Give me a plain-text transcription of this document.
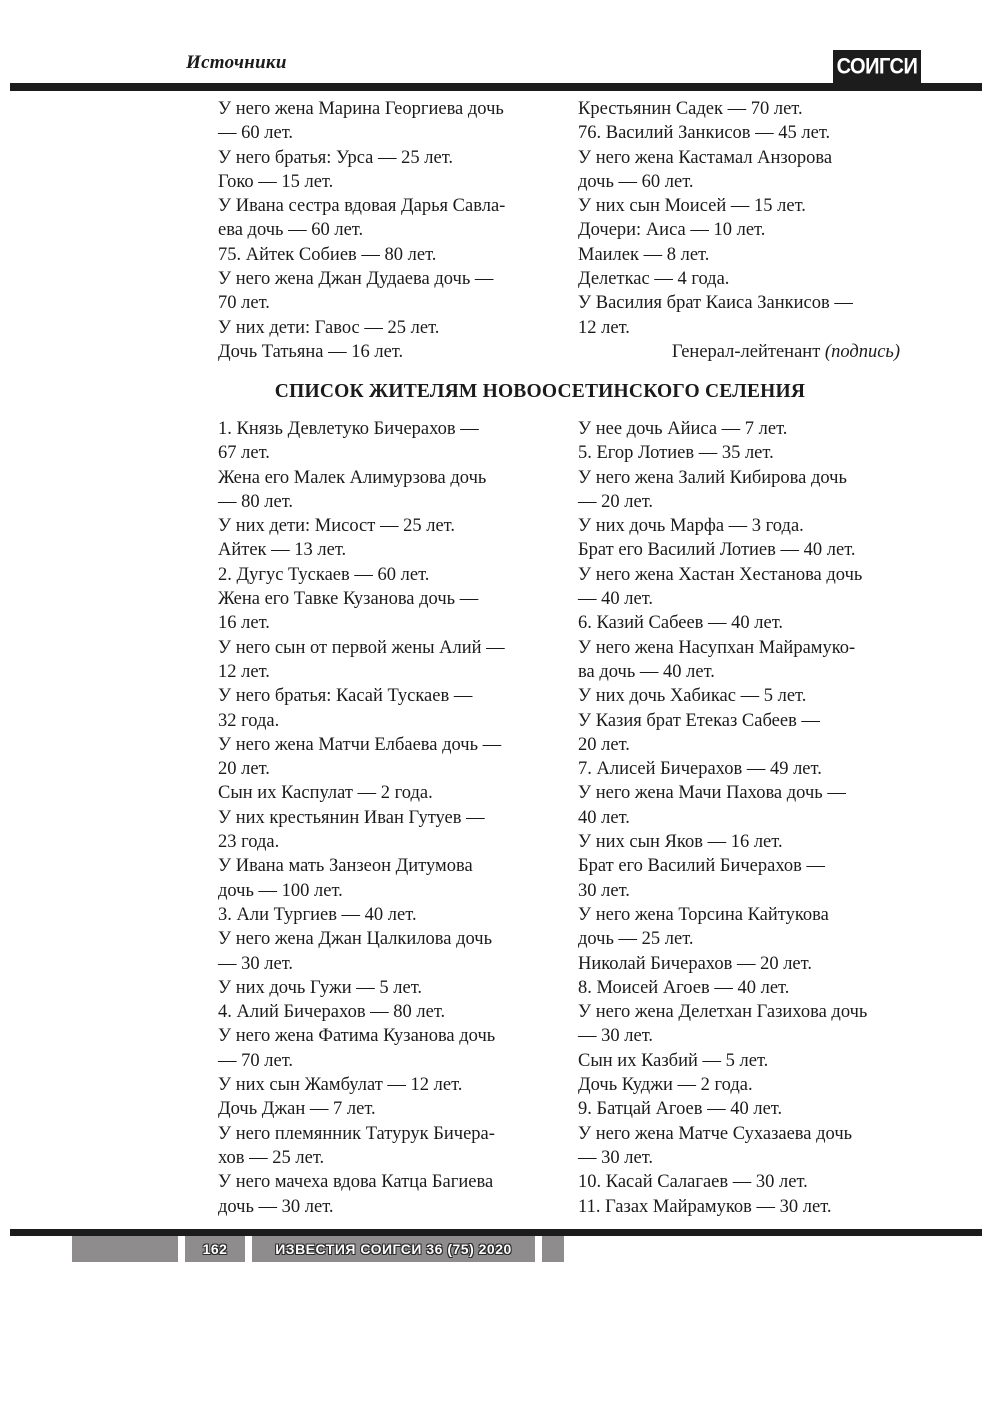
Источники	СОИГСИ
У него жена Марина Георгиева дочь
— 60 лет.
У него братья: Урса — 25 лет.
Гоко — 15 лет.
У Ивана сестра вдовая Дарья Савла-
ева дочь — 60 лет.
75. Айтек Собиев — 80 лет.
У него жена Джан Дудаева дочь —
70 лет.
У них дети: Гавос — 25 лет.
Дочь Татьяна — 16 лет.
Крестьянин Садек — 70 лет.
76. Василий Занкисов — 45 лет.
У него жена Кастамал Анзорова
дочь — 60 лет.
У них сын Моисей — 15 лет.
Дочери: Аиса — 10 лет.
Маилек — 8 лет.
Делеткас — 4 года.
У Василия брат Каиса Занкисов —
12 лет.
Генерал-лейтенант (подпись)
СПИСОК ЖИТЕЛЯМ НОВООСЕТИНСКОГО СЕЛЕНИЯ
1. Князь Девлетуко Бичерахов —
67 лет.
Жена его Малек Алимурзова дочь
— 80 лет.
У них дети: Мисост — 25 лет.
Айтек — 13 лет.
2. Дугус Тускаев — 60 лет.
Жена его Тавке Кузанова дочь —
16 лет.
У него сын от первой жены Алий —
12 лет.
У него братья: Касай Тускаев —
32 года.
У него жена Матчи Елбаева дочь —
20 лет.
Сын их Каспулат — 2 года.
У них крестьянин Иван Гутуев —
23 года.
У Ивана мать Занзеон Дитумова
дочь — 100 лет.
3. Али Тургиев — 40 лет.
У него жена Джан Цалкилова дочь
— 30 лет.
У них дочь Гужи — 5 лет.
4. Алий Бичерахов — 80 лет.
У него жена Фатима Кузанова дочь
— 70 лет.
У них сын Жамбулат — 12 лет.
Дочь Джан — 7 лет.
У него племянник Татурук Бичера-
хов — 25 лет.
У него мачеха вдова Катца Багиева
дочь — 30 лет.
У нее дочь Айиса — 7 лет.
5. Егор Лотиев — 35 лет.
У него жена Залий Кибирова дочь
— 20 лет.
У них дочь Марфа — 3 года.
Брат его Василий Лотиев — 40 лет.
У него жена Хастан Хестанова дочь
— 40 лет.
6. Казий Сабеев — 40 лет.
У него жена Насупхан Майрамуко-
ва дочь — 40 лет.
У них дочь Хабикас — 5 лет.
У Казия брат Етеказ Сабеев —
20 лет.
7. Алисей Бичерахов — 49 лет.
У него жена Мачи Пахова дочь —
40 лет.
У них сын Яков — 16 лет.
Брат его Василий Бичерахов —
30 лет.
У него жена Торсина Кайтукова
дочь — 25 лет.
Николай Бичерахов — 20 лет.
8. Моисей Агоев — 40 лет.
У него жена Делетхан Газихова дочь
— 30 лет.
Сын их Казбий — 5 лет.
Дочь Куджи — 2 года.
9. Батцай Агоев — 40 лет.
У него жена Матче Сухазаева дочь
— 30 лет.
10. Касай Салагаев — 30 лет.
11. Газах Майрамуков — 30 лет.
162	ИЗВЕСТИЯ СОИГСИ 36 (75) 2020
